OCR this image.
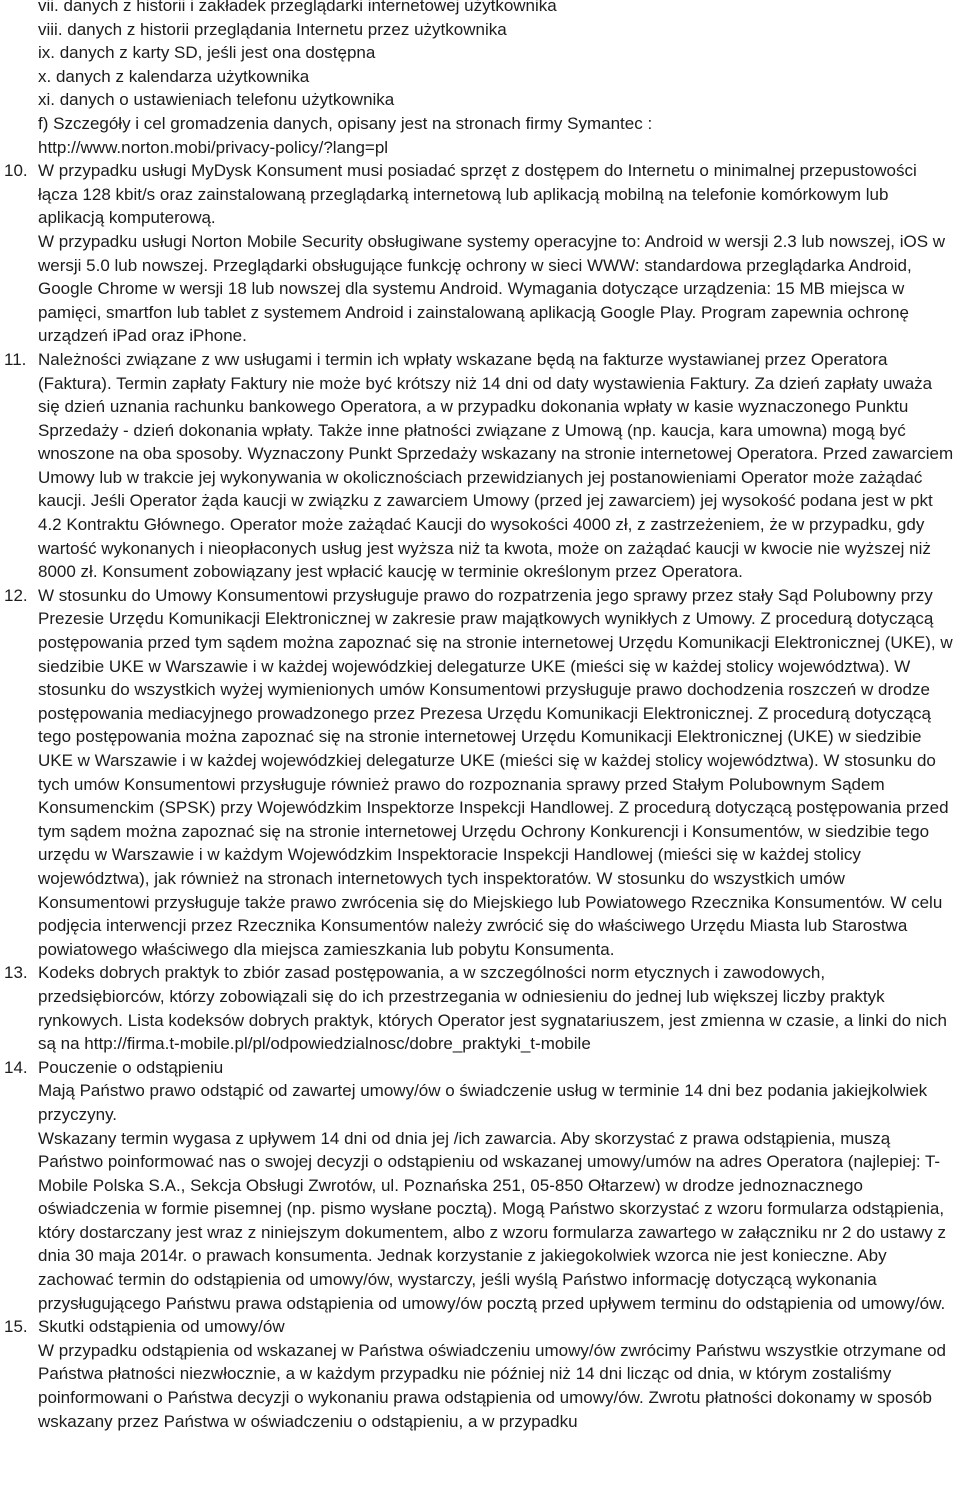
vii. danych z historii i zakładek przeglądarki internetowej użytkownika
viii. danych z historii przeglądania Internetu przez użytkownika
ix. danych z karty SD, jeśli jest ona dostępna
x. danych z kalendarza użytkownika
xi. danych o ustawieniach telefonu użytkownika
f) Szczegóły i cel gromadzenia danych, opisany jest na stronach firmy Symantec :
http://www.norton.mobi/privacy-policy/?lang=pl
10. W przypadku usługi MyDysk Konsument musi posiadać sprzęt z dostępem do Internetu o minimalnej przepustowości łącza 128 kbit/s oraz zainstalowaną przeglądarką internetową lub aplikacją mobilną na telefonie komórkowym lub aplikacją komputerową.

W przypadku usługi Norton Mobile Security obsługiwane systemy operacyjne to: Android w wersji 2.3 lub nowszej, iOS w wersji 5.0 lub nowszej. Przeglądarki obsługujące funkcję ochrony w sieci WWW: standardowa przeglądarka Android, Google Chrome w wersji 18 lub nowszej dla systemu Android. Wymagania dotyczące urządzenia: 15 MB miejsca w pamięci, smartfon lub tablet z systemem Android i zainstalowaną aplikacją Google Play. Program zapewnia ochronę urządzeń iPad oraz iPhone.

11. Należności związane z ww usługami i termin ich wpłaty wskazane będą na fakturze wystawianej przez Operatora (Faktura). Termin zapłaty Faktury nie może być krótszy niż 14 dni od daty wystawienia Faktury. Za dzień zapłaty uważa się dzień uznania rachunku bankowego Operatora, a w przypadku dokonania wpłaty w kasie wyznaczonego Punktu Sprzedaży - dzień dokonania wpłaty. Także inne płatności związane z Umową (np. kaucja, kara umowna) mogą być wnoszone na oba sposoby. Wyznaczony Punkt Sprzedaży wskazany na stronie internetowej Operatora. Przed zawarciem Umowy lub w trakcie jej wykonywania w okolicznościach przewidzianych jej postanowieniami Operator może zażądać kaucji. Jeśli Operator żąda kaucji w związku z zawarciem Umowy (przed jej zawarciem) jej wysokość podana jest w pkt 4.2 Kontraktu Głównego. Operator może zażądać Kaucji do wysokości 4000 zł, z zastrzeżeniem, że w przypadku, gdy wartość wykonanych i nieopłaconych usług jest wyższa niż ta kwota, może on zażądać kaucji w kwocie nie wyższej niż 8000 zł. Konsument zobowiązany jest wpłacić kaucję w terminie określonym przez Operatora.

12. W stosunku do Umowy Konsumentowi przysługuje prawo do rozpatrzenia jego sprawy przez stały Sąd Polubowny przy Prezesie Urzędu Komunikacji Elektronicznej w zakresie praw majątkowych wynikłych z Umowy. Z procedurą dotyczącą postępowania przed tym sądem można zapoznać się na stronie internetowej Urzędu Komunikacji Elektronicznej (UKE), w siedzibie UKE w Warszawie i w każdej wojewódzkiej delegaturze UKE (mieści się w każdej stolicy województwa). W stosunku do wszystkich wyżej wymienionych umów Konsumentowi przysługuje prawo dochodzenia roszczeń w drodze postępowania mediacyjnego prowadzonego przez Prezesa Urzędu Komunikacji Elektronicznej. Z procedurą dotyczącą tego postępowania można zapoznać się na stronie internetowej Urzędu Komunikacji Elektronicznej (UKE) w siedzibie UKE w Warszawie i w każdej wojewódzkiej delegaturze UKE (mieści się w każdej stolicy województwa). W stosunku do tych umów Konsumentowi przysługuje również prawo do rozpoznania sprawy przed Stałym Polubownym Sądem Konsumenckim (SPSK) przy Wojewódzkim Inspektorze Inspekcji Handlowej. Z procedurą dotyczącą postępowania przed tym sądem można zapoznać się na stronie internetowej Urzędu Ochrony Konkurencji i Konsumentów, w siedzibie tego urzędu w Warszawie i w każdym Wojewódzkim Inspektoracie Inspekcji Handlowej (mieści się w każdej stolicy województwa), jak również na stronach internetowych tych inspektoratów. W stosunku do wszystkich umów Konsumentowi przysługuje także prawo zwrócenia się do Miejskiego lub Powiatowego Rzecznika Konsumentów. W celu podjęcia interwencji przez Rzecznika Konsumentów należy zwrócić się do właściwego Urzędu Miasta lub Starostwa powiatowego właściwego dla miejsca zamieszkania lub pobytu Konsumenta.

13. Kodeks dobrych praktyk to zbiór zasad postępowania, a w szczególności norm etycznych i zawodowych, przedsiębiorców, którzy zobowiązali się do ich przestrzegania w odniesieniu do jednej lub większej liczby praktyk rynkowych. Lista kodeksów dobrych praktyk, których Operator jest sygnatariuszem, jest zmienna w czasie, a linki do nich są na http://firma.t-mobile.pl/pl/odpowiedzialnosc/dobre_praktyki_t-mobile

14. Pouczenie o odstąpieniu

Mają Państwo prawo odstąpić od zawartej umowy/ów o świadczenie usług w terminie 14 dni bez podania jakiejkolwiek przyczyny.

Wskazany termin wygasa z upływem 14 dni od dnia jej /ich zawarcia. Aby skorzystać z prawa odstąpienia, muszą Państwo poinformować nas o swojej decyzji o odstąpieniu od wskazanej umowy/umów na adres Operatora (najlepiej: T-Mobile Polska S.A., Sekcja Obsługi Zwrotów, ul. Poznańska 251, 05-850 Ołtarzew) w drodze jednoznacznego oświadczenia w formie pisemnej (np. pismo wysłane pocztą). Mogą Państwo skorzystać z wzoru formularza odstąpienia, który dostarczany jest wraz z niniejszym dokumentem, albo z wzoru formularza zawartego w załączniku nr 2 do ustawy z dnia 30 maja 2014r. o prawach konsumenta. Jednak korzystanie z jakiegokolwiek wzorca nie jest konieczne. Aby zachować termin do odstąpienia od umowy/ów, wystarczy, jeśli wyślą Państwo informację dotyczącą wykonania przysługującego Państwu prawa odstąpienia od umowy/ów pocztą przed upływem terminu do odstąpienia od umowy/ów.

15. Skutki odstąpienia od umowy/ów

W przypadku odstąpienia od wskazanej w Państwa oświadczeniu umowy/ów zwrócimy Państwu wszystkie otrzymane od Państwa płatności niezwłocznie, a w każdym przypadku nie później niż 14 dni licząc od dnia, w którym zostaliśmy poinformowani o Państwa decyzji o wykonaniu prawa odstąpienia od umowy/ów. Zwrotu płatności dokonamy w sposób wskazany przez Państwa w oświadczeniu o odstąpieniu, a w przypadku
